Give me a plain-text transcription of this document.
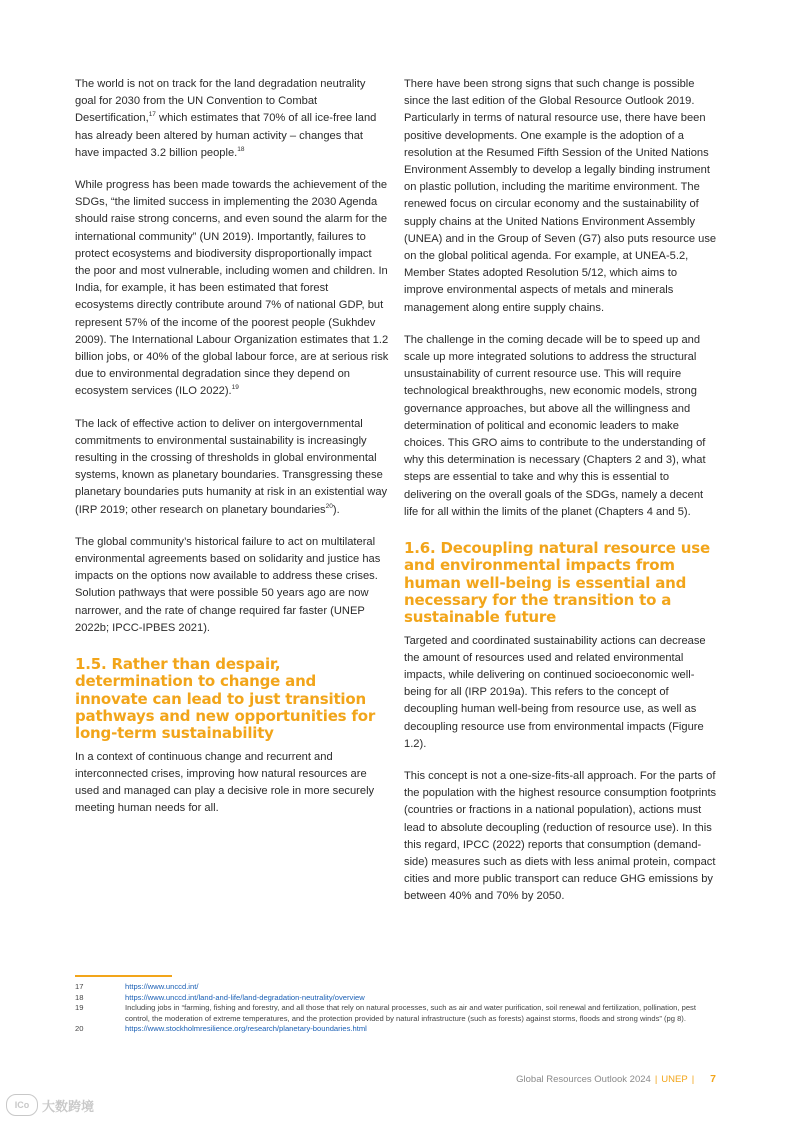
The world is not on track for the land degradation neutrality goal for 2030 from the UN Convention to Combat Desertification,$^{17}$ which estimates that 70% of all ice-free land has already been altered by human activity – changes that have impacted 3.2 billion people.$^{18}$

While progress has been made towards the achievement of the SDGs, “the limited success in implementing the 2030 Agenda should raise strong concerns, and even sound the alarm for the international community” (UN 2019). Importantly, failures to protect ecosystems and biodiversity disproportionally impact the poor and most vulnerable, including women and children. In India, for example, it has been estimated that forest ecosystems directly contribute around 7% of national GDP, but represent 57% of the income of the poorest people (Sukhdev 2009). The International Labour Organization estimates that 1.2 billion jobs, or 40% of the global labour force, are at serious risk due to environmental degradation since they depend on ecosystem services (ILO 2022).$^{19}$

The lack of effective action to deliver on intergovernmental commitments to environmental sustainability is increasingly resulting in the crossing of thresholds in global environmental systems, known as planetary boundaries. Transgressing these planetary boundaries puts humanity at risk in an existential way (IRP 2019; other research on planetary boundaries$^{20}$).

The global community’s historical failure to act on multilateral environmental agreements based on solidarity and justice has impacts on the options now available to address these crises. Solution pathways that were possible 50 years ago are now narrower, and the rate of change required far faster (UNEP 2022b; IPCC-IPBES 2021).

1.5. Rather than despair, determination to change and innovate can lead to just transition pathways and new opportunities for long-term sustainability

In a context of continuous change and recurrent and interconnected crises, improving how natural resources are used and managed can play a decisive role in more securely meeting human needs for all.

There have been strong signs that such change is possible since the last edition of the Global Resource Outlook 2019. Particularly in terms of natural resource use, there have been positive developments. One example is the adoption of a resolution at the Resumed Fifth Session of the United Nations Environment Assembly to develop a legally binding instrument on plastic pollution, including the maritime environment. The renewed focus on circular economy and the sustainability of supply chains at the United Nations Environment Assembly (UNEA) and in the Group of Seven (G7) also puts resource use on the global political agenda. For example, at UNEA-5.2, Member States adopted Resolution 5/12, which aims to improve environmental aspects of metals and minerals management along entire supply chains.

The challenge in the coming decade will be to speed up and scale up more integrated solutions to address the structural unsustainability of current resource use. This will require technological breakthroughs, new economic models, strong governance approaches, but above all the willingness and determination of political and economic leaders to make choices. This GRO aims to contribute to the understanding of why this determination is necessary (Chapters 2 and 3), what steps are essential to take and why this is essential to delivering on the overall goals of the SDGs, namely a decent life for all within the limits of the planet (Chapters 4 and 5).

1.6. Decoupling natural resource use and environmental impacts from human well-being is essential and necessary for the transition to a sustainable future

Targeted and coordinated sustainability actions can decrease the amount of resources used and related environmental impacts, while delivering on continued socioeconomic well-being for all (IRP 2019a). This refers to the concept of decoupling human well-being from resource use, as well as decoupling resource use from environmental impacts (Figure 1.2).

This concept is not a one-size-fits-all approach. For the parts of the population with the highest resource consumption footprints (countries or fractions in a national population), actions must lead to absolute decoupling (reduction of resource use). In this this regard, IPCC (2022) reports that consumption (demand-side) measures such as diets with less animal protein, compact cities and more public transport can reduce GHG emissions by between 40% and 70% by 2050.

17	https://www.unccd.int/
18	https://www.unccd.int/land-and-life/land-degradation-neutrality/overview
19	Including jobs in “farming, fishing and forestry, and all those that rely on natural processes, such as air and water purification, soil renewal and fertilization, pollination, pest control, the moderation of extreme temperatures, and the protection provided by natural infrastructure (such as forests) against storms, floods and strong winds” (pg 8).
20	https://www.stockholmresilience.org/research/planetary-boundaries.html
Global Resources Outlook 2024 | UNEP | 7
ICo 大数跨境
